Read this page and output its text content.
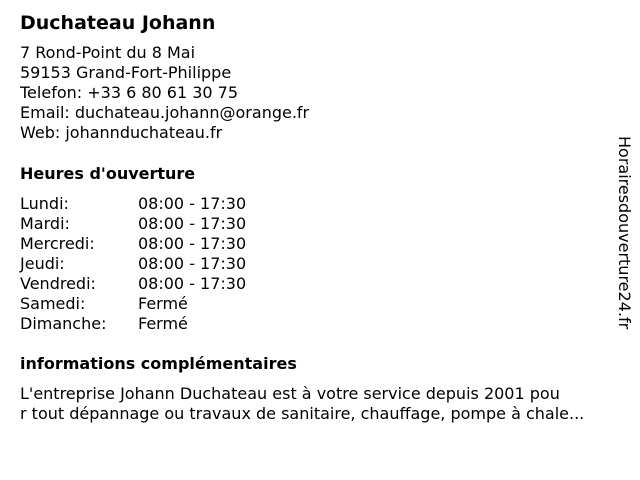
Duchateau Johann
7 Rond-Point du 8 Mai
59153 Grand-Fort-Philippe
Telefon: +33 6 80 61 30 75
Email: duchateau.johann@orange.fr
Web: johannduchateau.fr
Heures d'ouverture
Lundi:	08:00 - 17:30
Mardi:	08:00 - 17:30
Mercredi:	08:00 - 17:30
Jeudi:	08:00 - 17:30
Vendredi:	08:00 - 17:30
Samedi:	Fermé
Dimanche: Fermé
informations complémentaires
L'entreprise Johann Duchateau est à votre service depuis 2001 pou
r tout dépannage ou travaux de sanitaire, chauffage, pompe à chale...
Horairesdouverture24.fr
